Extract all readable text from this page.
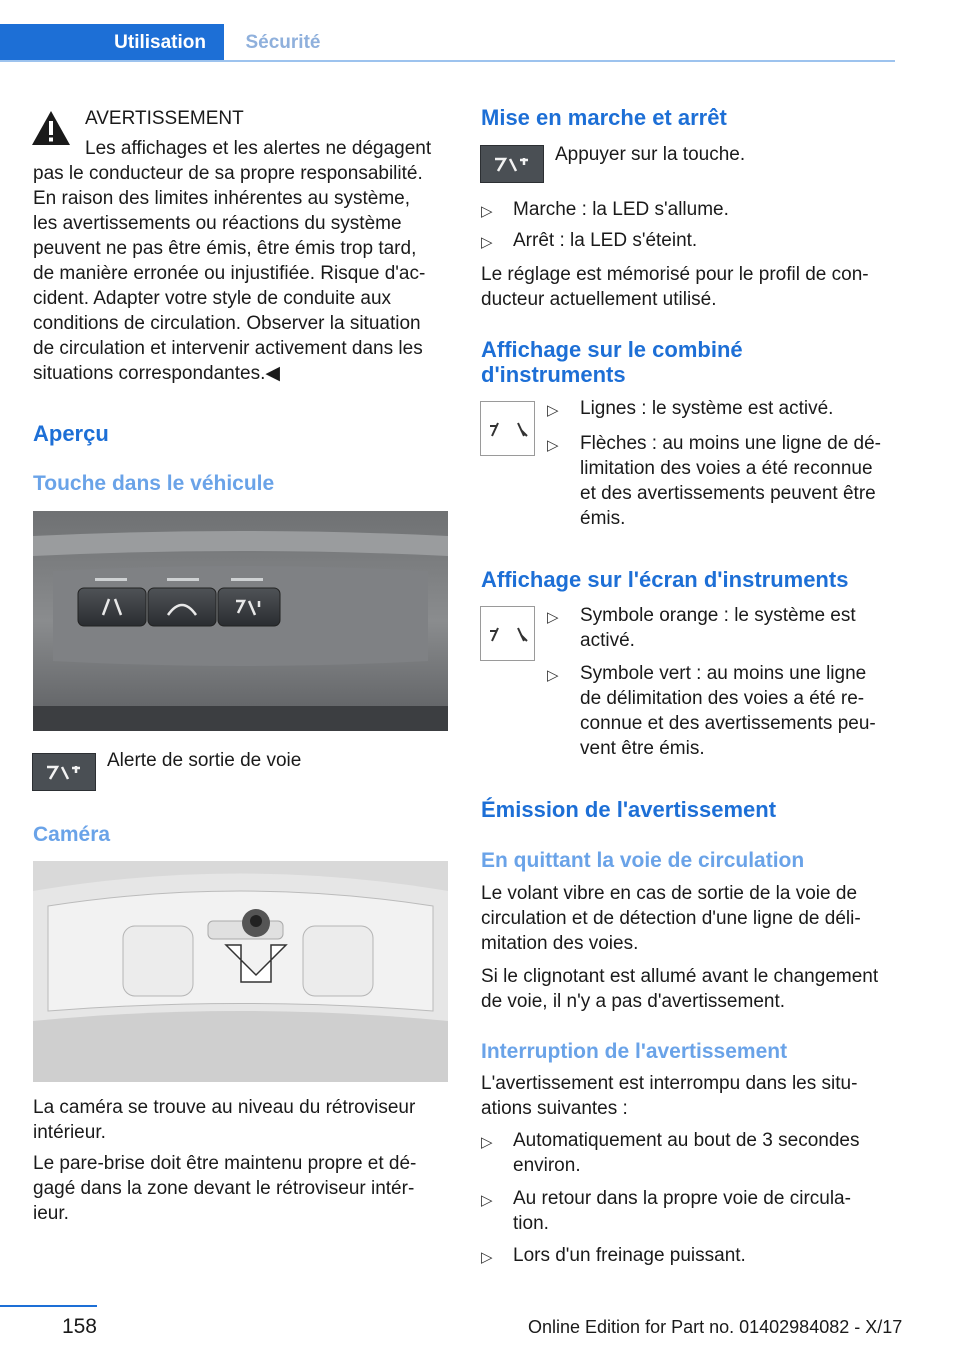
Utilisation	Sécurité
AVERTISSEMENT
Les affichages et les alertes ne dégagent
pas le conducteur de sa propre responsabilité.
En raison des limites inhérentes au système,
les avertissements ou réactions du système
peuvent ne pas être émis, être émis trop tard,
de manière erronée ou injustifiée. Risque d'ac‐
cident. Adapter votre style de conduite aux
conditions de circulation. Observer la situation
de circulation et intervenir activement dans les
situations correspondantes.◀
Aperçu
Touche dans le véhicule
Alerte de sortie de voie
Caméra
La caméra se trouve au niveau du rétroviseur
intérieur.
Le pare-brise doit être maintenu propre et dé‐
gagé dans la zone devant le rétroviseur intér‐
ieur.
Mise en marche et arrêt
Appuyer sur la touche.
▷ Marche : la LED s'allume.
▷ Arrêt : la LED s'éteint.
Le réglage est mémorisé pour le profil de con‐
ducteur actuellement utilisé.
Affichage sur le combiné
d'instruments
▷ Lignes : le système est activé.
▷ Flèches : au moins une ligne de dé‐
limitation des voies a été reconnue
et des avertissements peuvent être
émis.
Affichage sur l'écran d'instruments
▷ Symbole orange : le système est
activé.
▷ Symbole vert : au moins une ligne
de délimitation des voies a été re‐
connue et des avertissements peu‐
vent être émis.
Émission de l'avertissement
En quittant la voie de circulation
Le volant vibre en cas de sortie de la voie de
circulation et de détection d'une ligne de déli‐
mitation des voies.
Si le clignotant est allumé avant le changement
de voie, il n'y a pas d'avertissement.
Interruption de l'avertissement
L'avertissement est interrompu dans les situ‐
ations suivantes :
▷ Automatiquement au bout de 3 secondes
environ.
▷ Au retour dans la propre voie de circula‐
tion.
▷ Lors d'un freinage puissant.
158	Online Edition for Part no. 01402984082 - X/17
